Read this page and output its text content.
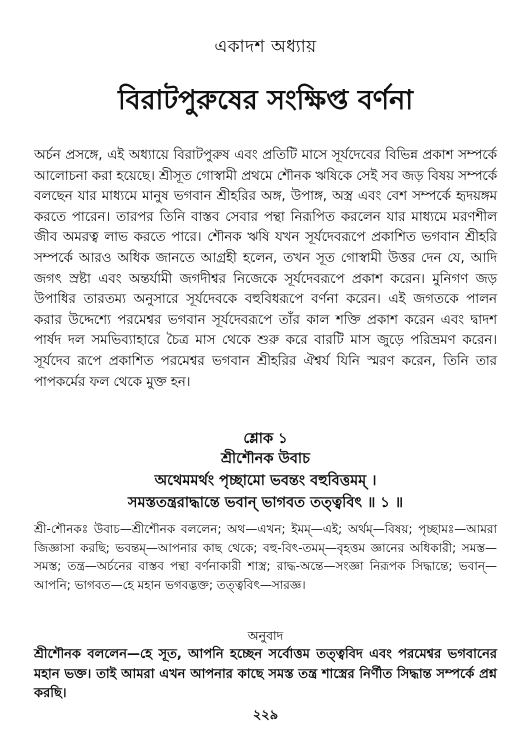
একাদশ অধ্যায়
বিরাটপুরুষের সংক্ষিপ্ত বর্ণনা

অর্চন প্রসঙ্গে, এই অধ্যায়ে বিরাটপুরুষ এবং প্রতিটি মাসে সূর্যদেবের বিভিন্ন প্রকাশ সম্পর্কে আলোচনা করা হয়েছে। শ্রীসূত গোস্বামী প্রথমে শৌনক ঋষিকে সেই সব জড় বিষয় সম্পর্কে বলছেন যার মাধ্যমে মানুষ ভগবান শ্রীহরির অঙ্গ, উপাঙ্গ, অস্ত্র এবং বেশ সম্পর্কে হৃদয়ঙ্গম করতে পারেন। তারপর তিনি বাস্তব সেবার পন্থা নিরূপিত করলেন যার মাধ্যমে মরণশীল জীব অমরত্ব লাভ করতে পারে। শৌনক ঋষি যখন সূর্যদেবরূপে প্রকাশিত ভগবান শ্রীহরি সম্পর্কে আরও অধিক জানতে আগ্রহী হলেন, তখন সূত গোস্বামী উত্তর দেন যে, আদি জগৎ স্রষ্টা এবং অন্তর্যামী জগদীশ্বর নিজেকে সূর্যদেবরূপে প্রকাশ করেন। মুনিগণ জড় উপাধির তারতম্য অনুসারে সূর্যদেবকে বহুবিধরূপে বর্ণনা করেন। এই জগতকে পালন করার উদ্দেশ্যে পরমেশ্বর ভগবান সূর্যদেবরূপে তাঁর কাল শক্তি প্রকাশ করেন এবং দ্বাদশ পার্ষদ দল সমভিব্যাহারে চৈত্র মাস থেকে শুরু করে বারটি মাস জুড়ে পরিভ্রমণ করেন। সূর্যদেব রূপে প্রকাশিত পরমেশ্বর ভগবান শ্রীহরির ঐশ্বর্য যিনি স্মরণ করেন, তিনি তার পাপকর্মের ফল থেকে মুক্ত হন।

শ্লোক ১
শ্রীশৌনক উবাচ
অথেমমর্থং পৃচ্ছামো ভবন্তং বহুবিত্তমম্ ।
সমস্ততন্ত্ররাদ্ধান্তে ভবান্ ভাগবত তত্ত্ববিৎ ॥ ১ ॥

শ্রী-শৌনকঃ উবাচ—শ্রীশৌনক বললেন; অথ—এখন; ইমম্—এই; অর্থম্—বিষয়; পৃচ্ছামঃ—আমরা জিজ্ঞাসা করছি; ভবন্তম্—আপনার কাছ থেকে; বহু-বিৎ-তমম্—বৃহত্তম জ্ঞানের অধিকারী; সমস্ত—সমস্ত; তন্ত্র—অর্চনের বাস্তব পন্থা বর্ণনাকারী শাস্ত্র; রাদ্ধ-অন্তে—সংজ্ঞা নিরূপক সিদ্ধান্তে; ভবান্—আপনি; ভাগবত—হে মহান ভগবদ্ভক্ত; তত্ত্ববিৎ—সারজ্ঞ।

অনুবাদ

শ্রীশৌনক বললেন—হে সূত, আপনি হচ্ছেন সর্বোত্তম তত্ত্ববিদ এবং পরমেশ্বর ভগবানের মহান ভক্ত। তাই আমরা এখন আপনার কাছে সমস্ত তন্ত্র শাস্ত্রের নির্ণীত সিদ্ধান্ত সম্পর্কে প্রশ্ন করছি।

২২৯
